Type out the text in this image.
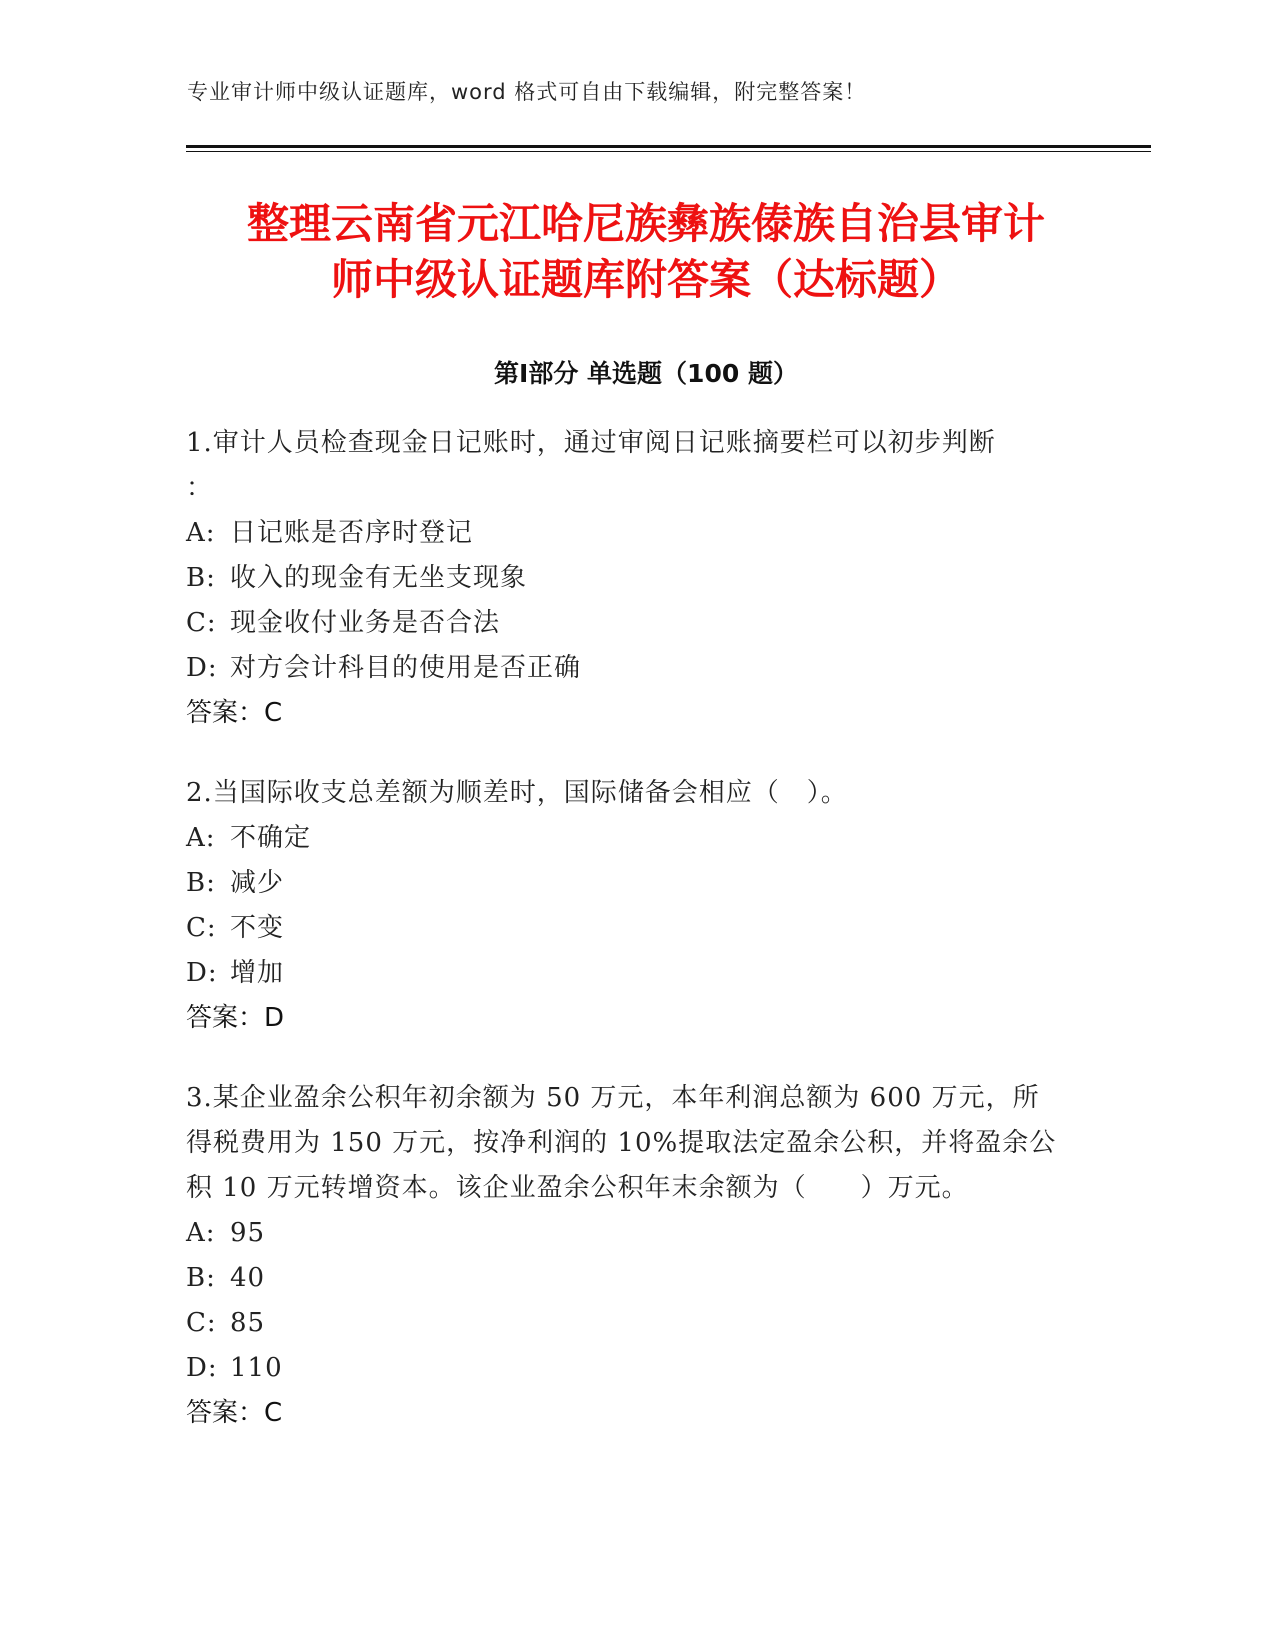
专业审计师中级认证题库，word 格式可自由下载编辑，附完整答案！
整理云南省元江哈尼族彝族傣族自治县审计
师中级认证题库附答案（达标题）
第Ⅰ部分 单选题（100 题）
1.审计人员检查现金日记账时，通过审阅日记账摘要栏可以初步判断
：
A: 日记账是否序时登记
B: 收入的现金有无坐支现象
C: 现金收付业务是否合法
D: 对方会计科目的使用是否正确
答案：C
2.当国际收支总差额为顺差时，国际储备会相应（　）。
A: 不确定
B: 减少
C: 不变
D: 增加
答案：D
3.某企业盈余公积年初余额为 50 万元，本年利润总额为 600 万元，所
得税费用为 150 万元，按净利润的 10%提取法定盈余公积，并将盈余公
积 10 万元转增资本。该企业盈余公积年末余额为（　　）万元。
A: 95
B: 40
C: 85
D: 110
答案：C
